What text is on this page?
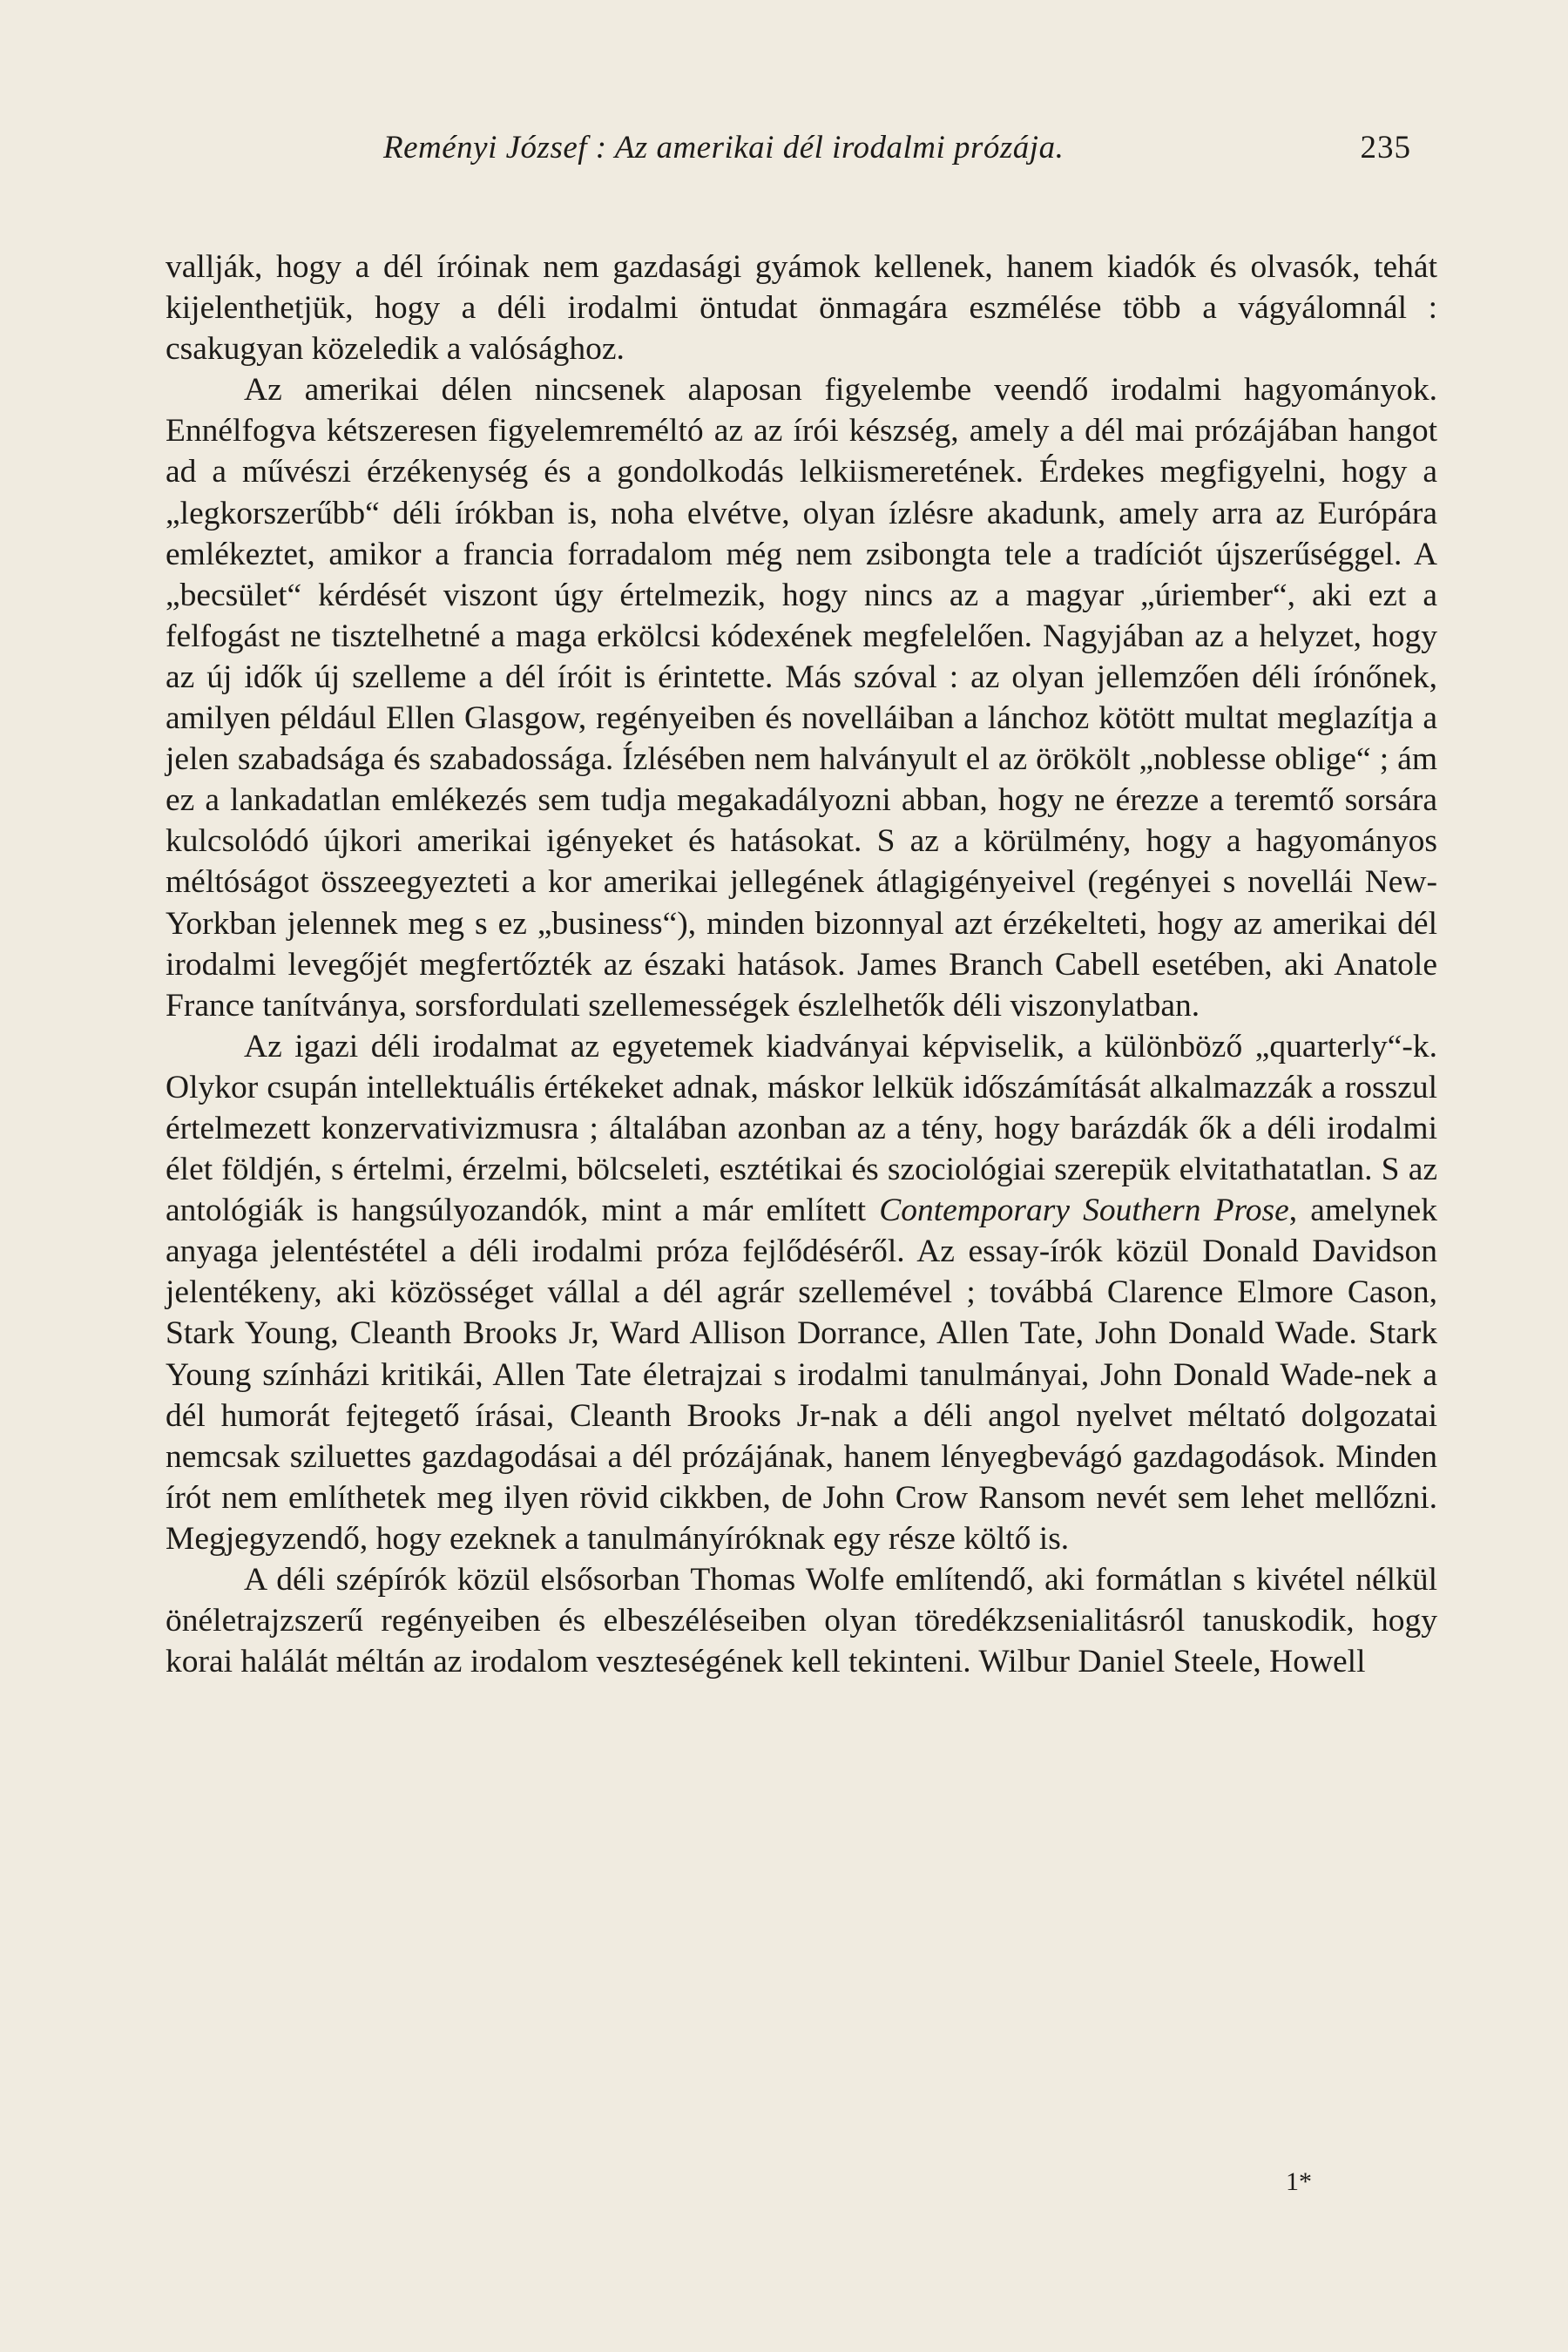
Reményi József : Az amerikai dél irodalmi prózája.	235

vallják, hogy a dél íróinak nem gazdasági gyámok kellenek, hanem kiadók és olvasók, tehát kijelenthetjük, hogy a déli irodalmi öntudat önmagára eszmélése több a vágyálomnál : csakugyan közeledik a valósághoz.

Az amerikai délen nincsenek alaposan figyelembe veendő irodalmi hagyományok. Ennélfogva kétszeresen figyelemreméltó az az írói készség, amely a dél mai prózájában hangot ad a művészi érzékenység és a gondolkodás lelkiismeretének. Érdekes megfigyelni, hogy a „legkorszerűbb“ déli írókban is, noha elvétve, olyan ízlésre akadunk, amely arra az Európára emlékeztet, amikor a francia forradalom még nem zsibongta tele a tradíciót újszerűséggel. A „becsület“ kérdését viszont úgy értelmezik, hogy nincs az a magyar „úriember“, aki ezt a felfogást ne tisztelhetné a maga erkölcsi kódexének megfelelően. Nagyjában az a helyzet, hogy az új idők új szelleme a dél íróit is érintette. Más szóval : az olyan jellemzően déli írónőnek, amilyen például Ellen Glasgow, regényeiben és novelláiban a lánchoz kötött multat meglazítja a jelen szabadsága és szabadossága. Ízlésében nem halványult el az örökölt „noblesse oblige“ ; ám ez a lankadatlan emlékezés sem tudja megakadályozni abban, hogy ne érezze a teremtő sorsára kulcsolódó újkori amerikai igényeket és hatásokat. S az a körülmény, hogy a hagyományos méltóságot összeegyezteti a kor amerikai jellegének átlagigényeivel (regényei s novellái New-Yorkban jelennek meg s ez „business“), minden bizonnyal azt érzékelteti, hogy az amerikai dél irodalmi levegőjét megfertőzték az északi hatások. James Branch Cabell esetében, aki Anatole France tanítványa, sorsfordulati szellemességek észlelhetők déli viszonylatban.

Az igazi déli irodalmat az egyetemek kiadványai képviselik, a különböző „quarterly“-k. Olykor csupán intellektuális értékeket adnak, máskor lelkük időszámítását alkalmazzák a rosszul értelmezett konzervativizmusra ; általában azonban az a tény, hogy barázdák ők a déli irodalmi élet földjén, s értelmi, érzelmi, bölcseleti, esztétikai és szociológiai szerepük elvitathatatlan. S az antológiák is hangsúlyozandók, mint a már említett Contemporary Southern Prose, amelynek anyaga jelentéstétel a déli irodalmi próza fejlődéséről. Az essay-írók közül Donald Davidson jelentékeny, aki közösséget vállal a dél agrár szellemével ; továbbá Clarence Elmore Cason, Stark Young, Cleanth Brooks Jr, Ward Allison Dorrance, Allen Tate, John Donald Wade. Stark Young színházi kritikái, Allen Tate életrajzai s irodalmi tanulmányai, John Donald Wade-nek a dél humorát fejtegető írásai, Cleanth Brooks Jr-nak a déli angol nyelvet méltató dolgozatai nemcsak sziluettes gazdagodásai a dél prózájának, hanem lényegbevágó gazdagodások. Minden írót nem említhetek meg ilyen rövid cikkben, de John Crow Ransom nevét sem lehet mellőzni. Megjegyzendő, hogy ezeknek a tanulmányíróknak egy része költő is.

A déli szépírók közül elsősorban Thomas Wolfe említendő, aki formátlan s kivétel nélkül önéletrajzszerű regényeiben és elbeszéléseiben olyan töredékzsenialitásról tanuskodik, hogy korai halálát méltán az irodalom veszteségének kell tekinteni. Wilbur Daniel Steele, Howell

1*
